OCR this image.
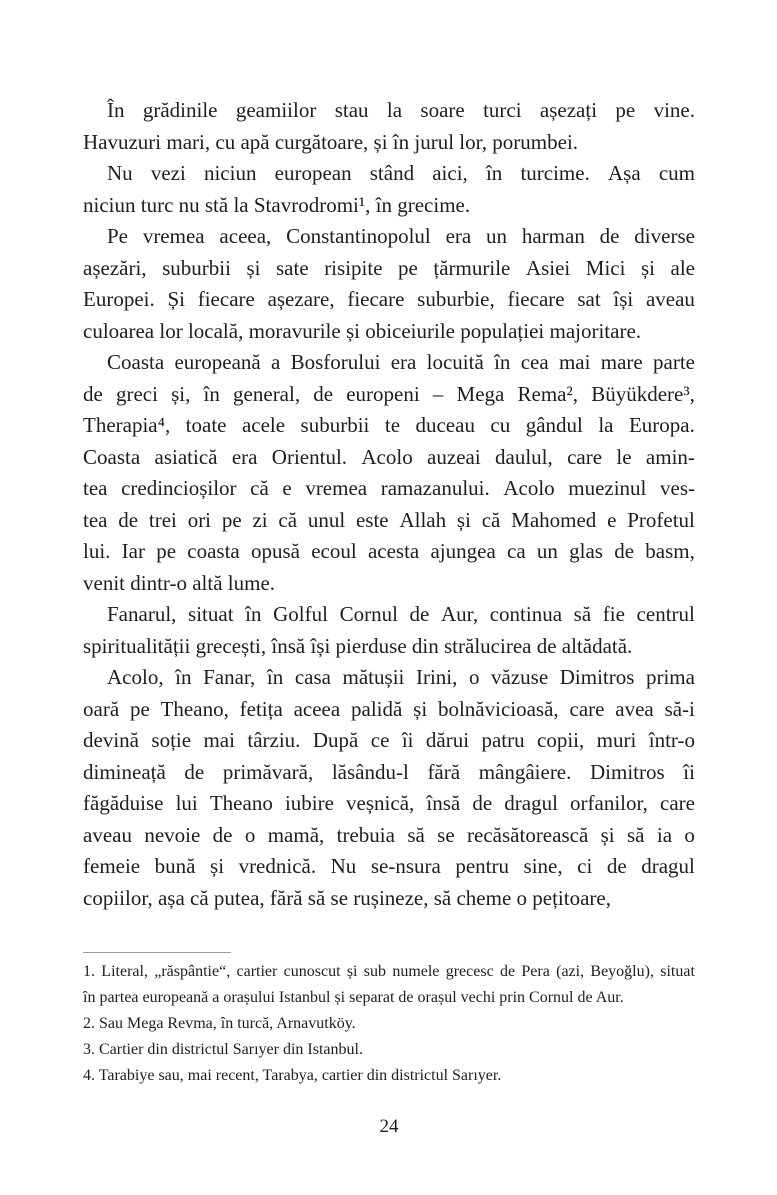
În grădinile geamiilor stau la soare turci așezați pe vine.
Havuzuri mari, cu apă curgătoare, și în jurul lor, porumbei.
Nu vezi niciun european stând aici, în turcime. Așa cum
niciun turc nu stă la Stavrodromi¹, în grecime.
Pe vremea aceea, Constantinopolul era un harman de diverse
așezări, suburbii și sate risipite pe țărmurile Asiei Mici și ale
Europei. Și fiecare așezare, fiecare suburbie, fiecare sat își aveau
culoarea lor locală, moravurile și obiceiurile populației majoritare.
Coasta europeană a Bosforului era locuită în cea mai mare parte
de greci și, în general, de europeni – Mega Rema², Büyükdere³,
Therapia⁴, toate acele suburbii te duceau cu gândul la Europa.
Coasta asiatică era Orientul. Acolo auzeai daulul, care le amin-
tea credincioșilor că e vremea ramazanului. Acolo muezinul ves-
tea de trei ori pe zi că unul este Allah și că Mahomed e Profetul
lui. Iar pe coasta opusă ecoul acesta ajungea ca un glas de basm,
venit dintr-o altă lume.
Fanarul, situat în Golful Cornul de Aur, continua să fie centrul
spiritualității grecești, însă își pierduse din strălucirea de altădată.
Acolo, în Fanar, în casa mătușii Irini, o văzuse Dimitros prima
oară pe Theano, fetița aceea palidă și bolnăvicioasă, care avea să-i
devină soție mai târziu. După ce îi dărui patru copii, muri într-o
dimineață de primăvară, lăsându-l fără mângâiere. Dimitros îi
făgăduise lui Theano iubire veșnică, însă de dragul orfanilor, care
aveau nevoie de o mamă, trebuia să se recăsătorească și să ia o
femeie bună și vrednică. Nu se-nsura pentru sine, ci de dragul
copiilor, așa că putea, fără să se rușineze, să cheme o pețitoare,
1. Literal, „răspântie“, cartier cunoscut și sub numele grecesc de Pera (azi, Beyoğlu), situat
în partea europeană a orașului Istanbul și separat de orașul vechi prin Cornul de Aur.
2. Sau Mega Revma, în turcă, Arnavutköy.
3. Cartier din districtul Sarıyer din Istanbul.
4. Tarabiye sau, mai recent, Tarabya, cartier din districtul Sarıyer.
24
